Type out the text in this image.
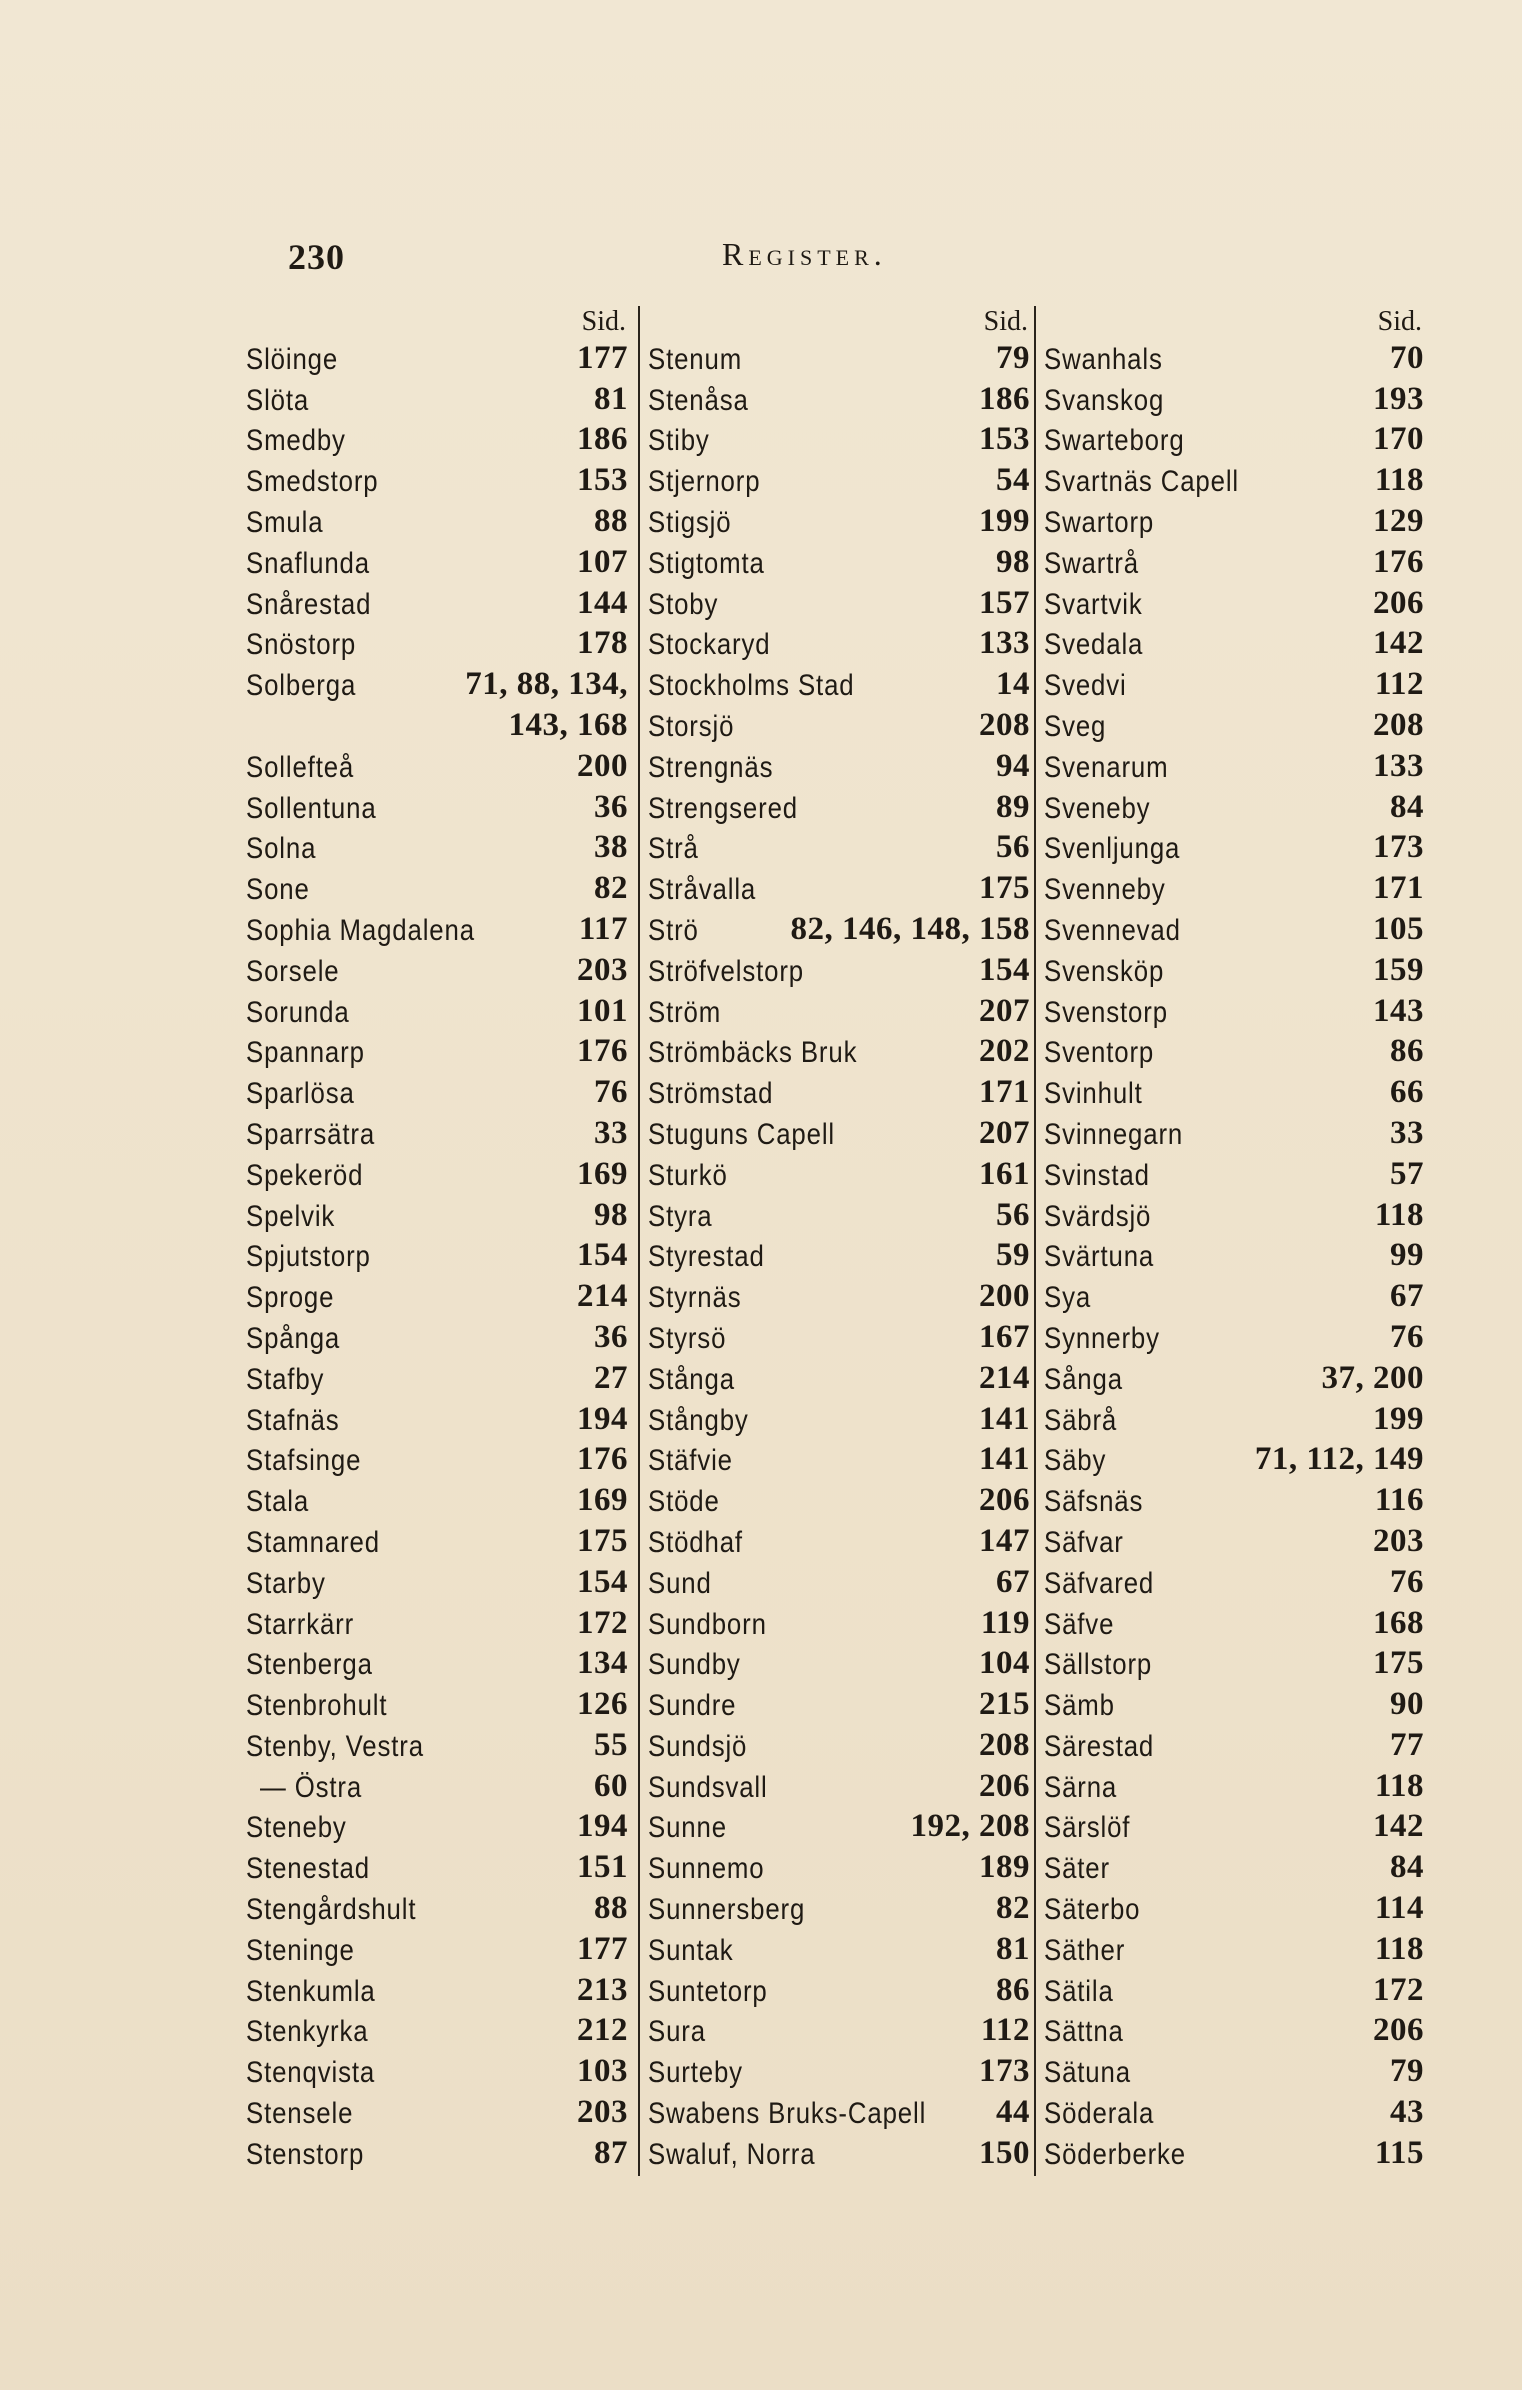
230	Register.
Sid.
Slöinge	177
Slöta	81
Smedby	186
Smedstorp	153
Smula	88
Snaflunda	107
Snårestad	144
Snöstorp	178
Solberga	71, 88, 134,
143, 168
Sollefteå	200
Sollentuna	36
Solna	38
Sone	82
Sophia Magdalena	117
Sorsele	203
Sorunda	101
Spannarp	176
Sparlösa	76
Sparrsätra	33
Spekeröd	169
Spelvik	98
Spjutstorp	154
Sproge	214
Spånga	36
Stafby	27
Stafnäs	194
Stafsinge	176
Stala	169
Stamnared	175
Starby	154
Starrkärr	172
Stenberga	134
Stenbrohult	126
Stenby, Vestra	55
— Östra	60
Steneby	194
Stenestad	151
Stengårdshult	88
Steninge	177
Stenkumla	213
Stenkyrka	212
Stenqvista	103
Stensele	203
Stenstorp	87
Sid.
Stenum	79
Stenåsa	186
Stiby	153
Stjernorp	54
Stigsjö	199
Stigtomta	98
Stoby	157
Stockaryd	133
Stockholms Stad	14
Storsjö	208
Strengnäs	94
Strengsered	89
Strå	56
Stråvalla	175
Strö	82, 146, 148, 158
Ströfvelstorp	154
Ström	207
Strömbäcks Bruk	202
Strömstad	171
Stuguns Capell	207
Sturkö	161
Styra	56
Styrestad	59
Styrnäs	200
Styrsö	167
Stånga	214
Stångby	141
Stäfvie	141
Stöde	206
Stödhaf	147
Sund	67
Sundborn	119
Sundby	104
Sundre	215
Sundsjö	208
Sundsvall	206
Sunne	192, 208
Sunnemo	189
Sunnersberg	82
Suntak	81
Suntetorp	86
Sura	112
Surteby	173
Swabens Bruks-Capell 44
Swaluf, Norra	150
Sid.
Swanhals	70
Svanskog	193
Swarteborg	170
Svartnäs Capell	118
Swartorp	129
Swartrå	176
Svartvik	206
Svedala	142
Svedvi	112
Sveg	208
Svenarum	133
Sveneby	84
Svenljunga	173
Svenneby	171
Svennevad	105
Svensköp	159
Svenstorp	143
Sventorp	86
Svinhult	66
Svinnegarn	33
Svinstad	57
Svärdsjö	118
Svärtuna	99
Sya	67
Synnerby	76
Sånga	37, 200
Säbrå	199
Säby	71, 112, 149
Säfsnäs	116
Säfvar	203
Säfvared	76
Säfve	168
Sällstorp	175
Sämb	90
Särestad	77
Särna	118
Särslöf	142
Säter	84
Säterbo	114
Säther	118
Sätila	172
Sättna	206
Sätuna	79
Söderala	43
Söderberke	115
